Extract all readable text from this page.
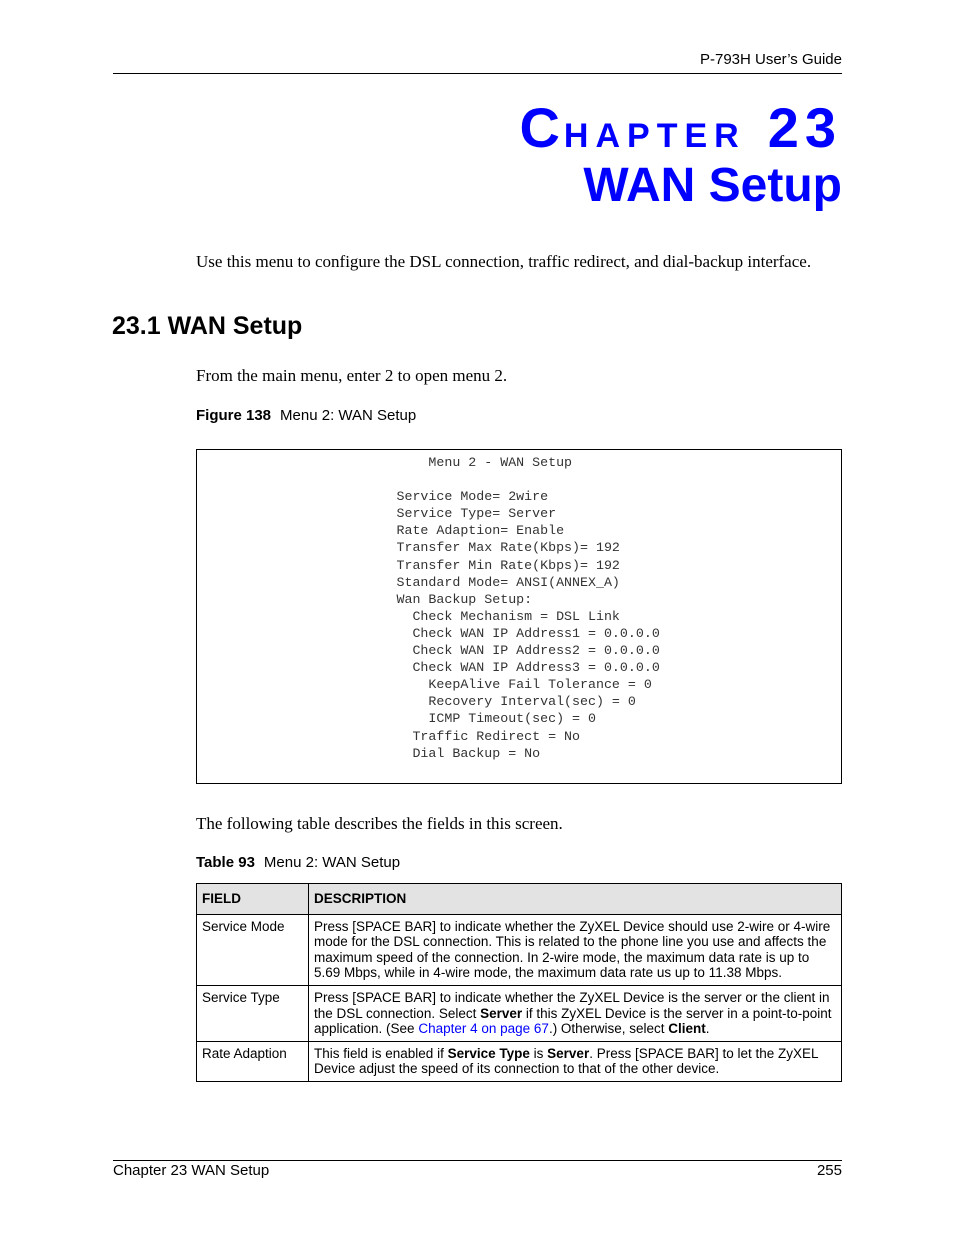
P-793H User’s Guide
CHAPTER 23
WAN Setup

Use this menu to configure the DSL connection, traffic redirect, and dial-backup interface.

23.1 WAN Setup

From the main menu, enter 2 to open menu 2.

Figure 138 Menu 2: WAN Setup
Menu 2 - WAN Setup

Service Mode= 2wire
Service Type= Server
Rate Adaption= Enable
Transfer Max Rate(Kbps)= 192
Transfer Min Rate(Kbps)= 192
Standard Mode= ANSI(ANNEX_A)
Wan Backup Setup:
Check Mechanism = DSL Link
Check WAN IP Address1 = 0.0.0.0
Check WAN IP Address2 = 0.0.0.0
Check WAN IP Address3 = 0.0.0.0
KeepAlive Fail Tolerance = 0
Recovery Interval(sec) = 0
ICMP Timeout(sec) = 0
Traffic Redirect = No
Dial Backup = No

The following table describes the fields in this screen.

Table 93 Menu 2: WAN Setup
FIELD	DESCRIPTION
Service Mode	Press [SPACE BAR] to indicate whether the ZyXEL Device should use 2-wire or 4-wire mode for the DSL connection. This is related to the phone line you use and affects the maximum speed of the connection. In 2-wire mode, the maximum data rate is up to 5.69 Mbps, while in 4-wire mode, the maximum data rate us up to 11.38 Mbps.
Service Type	Press [SPACE BAR] to indicate whether the ZyXEL Device is the server or the client in the DSL connection. Select Server if this ZyXEL Device is the server in a point-to-point application. (See Chapter 4 on page 67.) Otherwise, select Client.
Rate Adaption	This field is enabled if Service Type is Server. Press [SPACE BAR] to let the ZyXEL Device adjust the speed of its connection to that of the other device.
Chapter 23 WAN Setup	255
